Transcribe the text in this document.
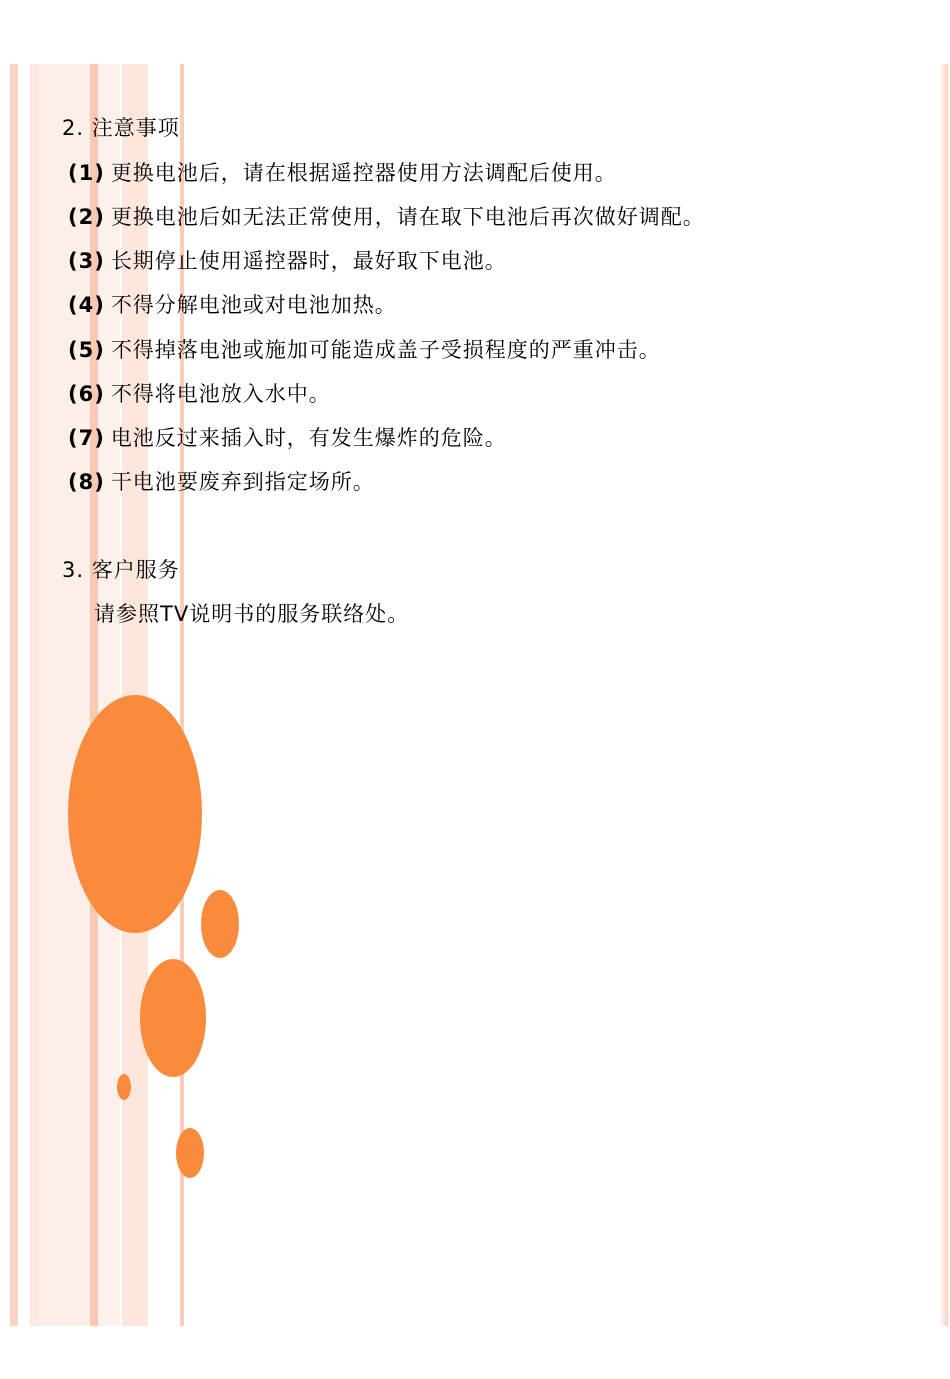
2. 注意事项
(1) 更换电池后，请在根据遥控器使用方法调配后使用。
(2) 更换电池后如无法正常使用，请在取下电池后再次做好调配。
(3) 长期停止使用遥控器时，最好取下电池。
(4) 不得分解电池或对电池加热。
(5) 不得掉落电池或施加可能造成盖子受损程度的严重冲击。
(6) 不得将电池放入水中。
(7) 电池反过来插入时，有发生爆炸的危险。
(8) 干电池要废弃到指定场所。
3. 客户服务
请参照TV说明书的服务联络处。
